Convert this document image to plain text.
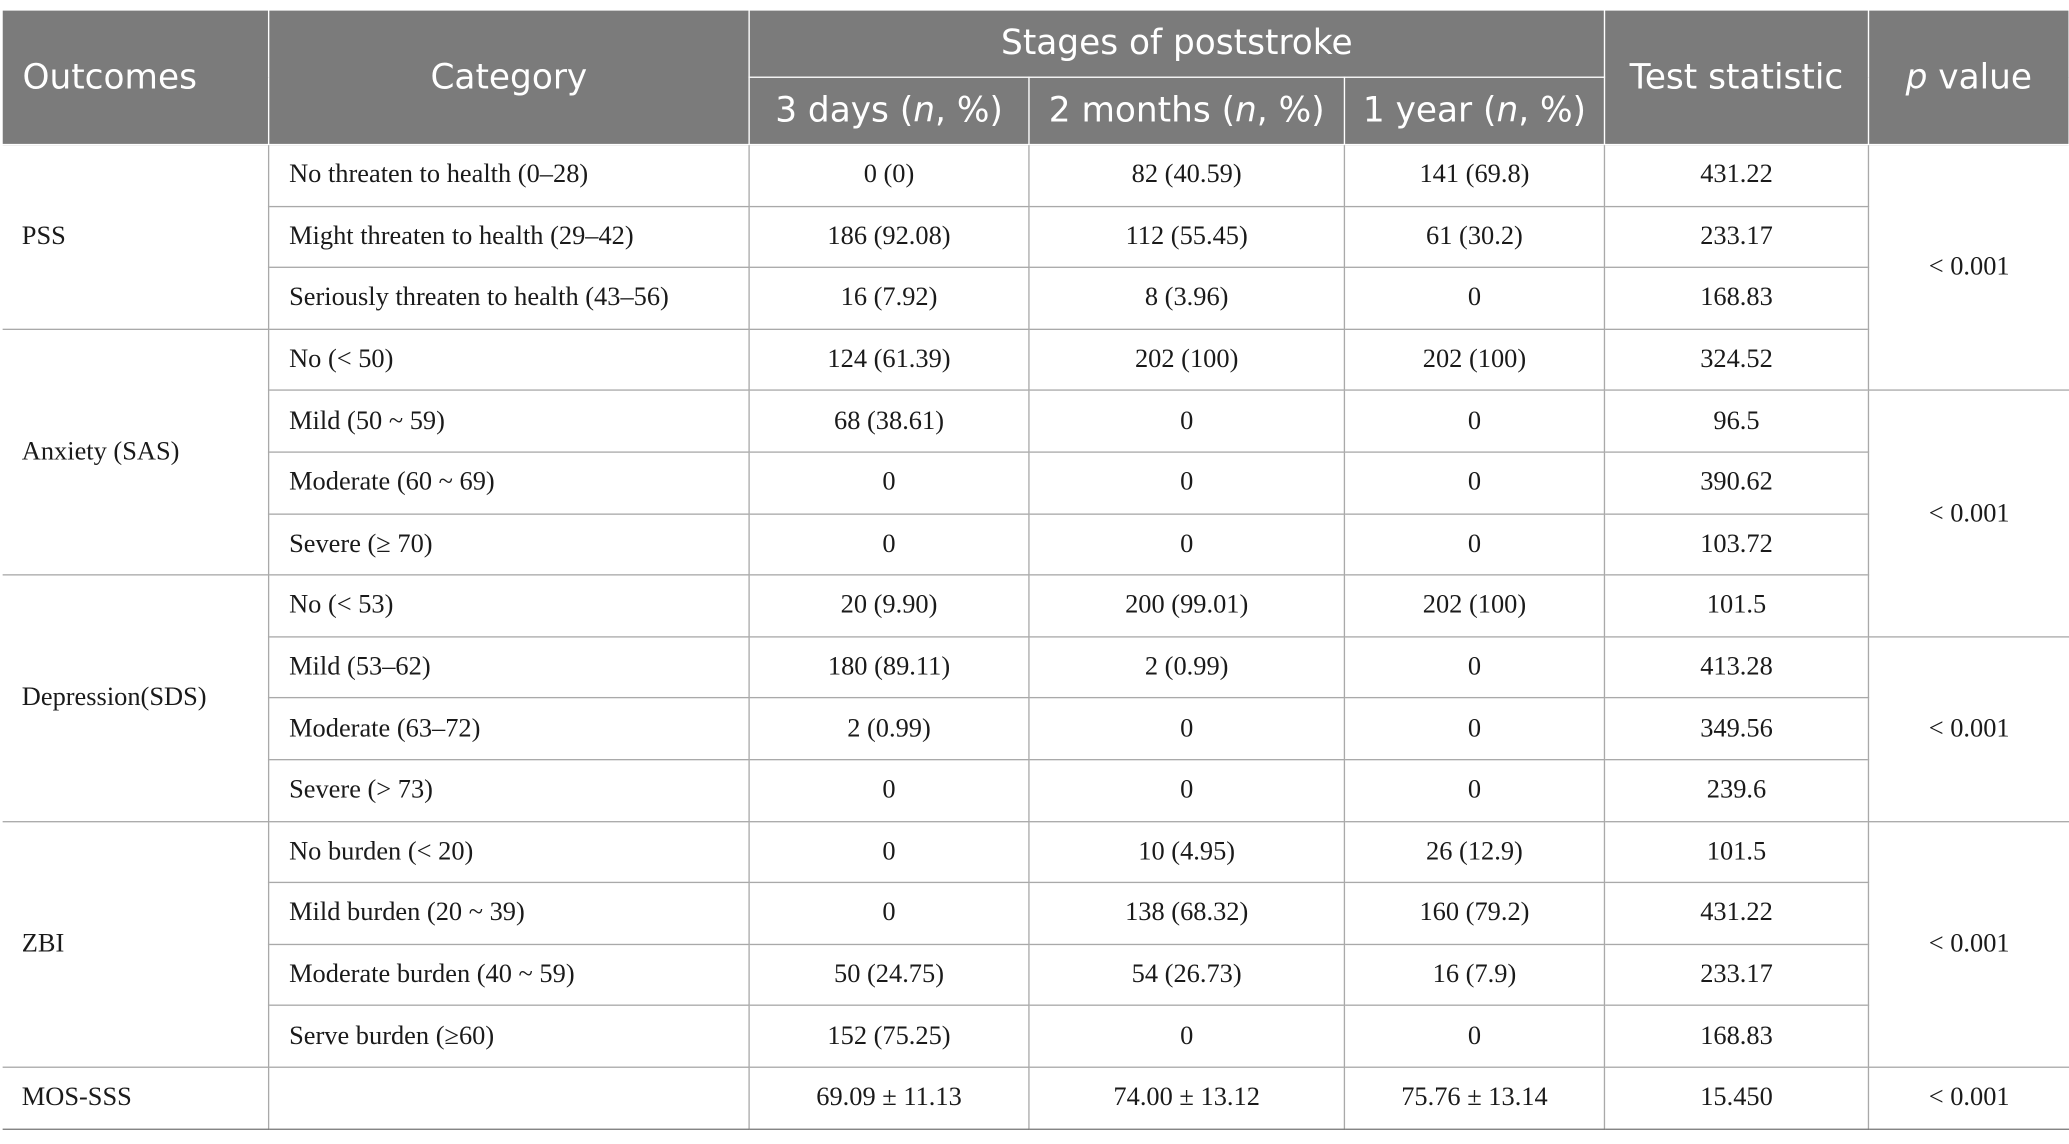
Outcomes	Category	Stages of poststroke			Test statistic	p value
		3 days (n, %)	2 months (n, %)	1 year (n, %)		
PSS	No threaten to health (0–28)	0 (0)	82 (40.59)	141 (69.8)	431.22	< 0.001
	Might threaten to health (29–42)	186 (92.08)	112 (55.45)	61 (30.2)	233.17	
	Seriously threaten to health (43–56)	16 (7.92)	8 (3.96)	0	168.83	
Anxiety (SAS)	No (< 50)	124 (61.39)	202 (100)	202 (100)	324.52	
	Mild (50 ~ 59)	68 (38.61)	0	0	96.5	< 0.001
	Moderate (60 ~ 69)	0	0	0	390.62	
	Severe (≥ 70)	0	0	0	103.72	
Depression(SDS)	No (< 53)	20 (9.90)	200 (99.01)	202 (100)	101.5	
	Mild (53–62)	180 (89.11)	2 (0.99)	0	413.28	< 0.001
	Moderate (63–72)	2 (0.99)	0	0	349.56	
	Severe (> 73)	0	0	0	239.6	
ZBI	No burden (< 20)	0	10 (4.95)	26 (12.9)	101.5	< 0.001
	Mild burden (20 ~ 39)	0	138 (68.32)	160 (79.2)	431.22	
	Moderate burden (40 ~ 59)	50 (24.75)	54 (26.73)	16 (7.9)	233.17	
	Serve burden (≥60)	152 (75.25)	0	0	168.83	
MOS-SSS		69.09 ± 11.13	74.00 ± 13.12	75.76 ± 13.14	15.450	< 0.001
